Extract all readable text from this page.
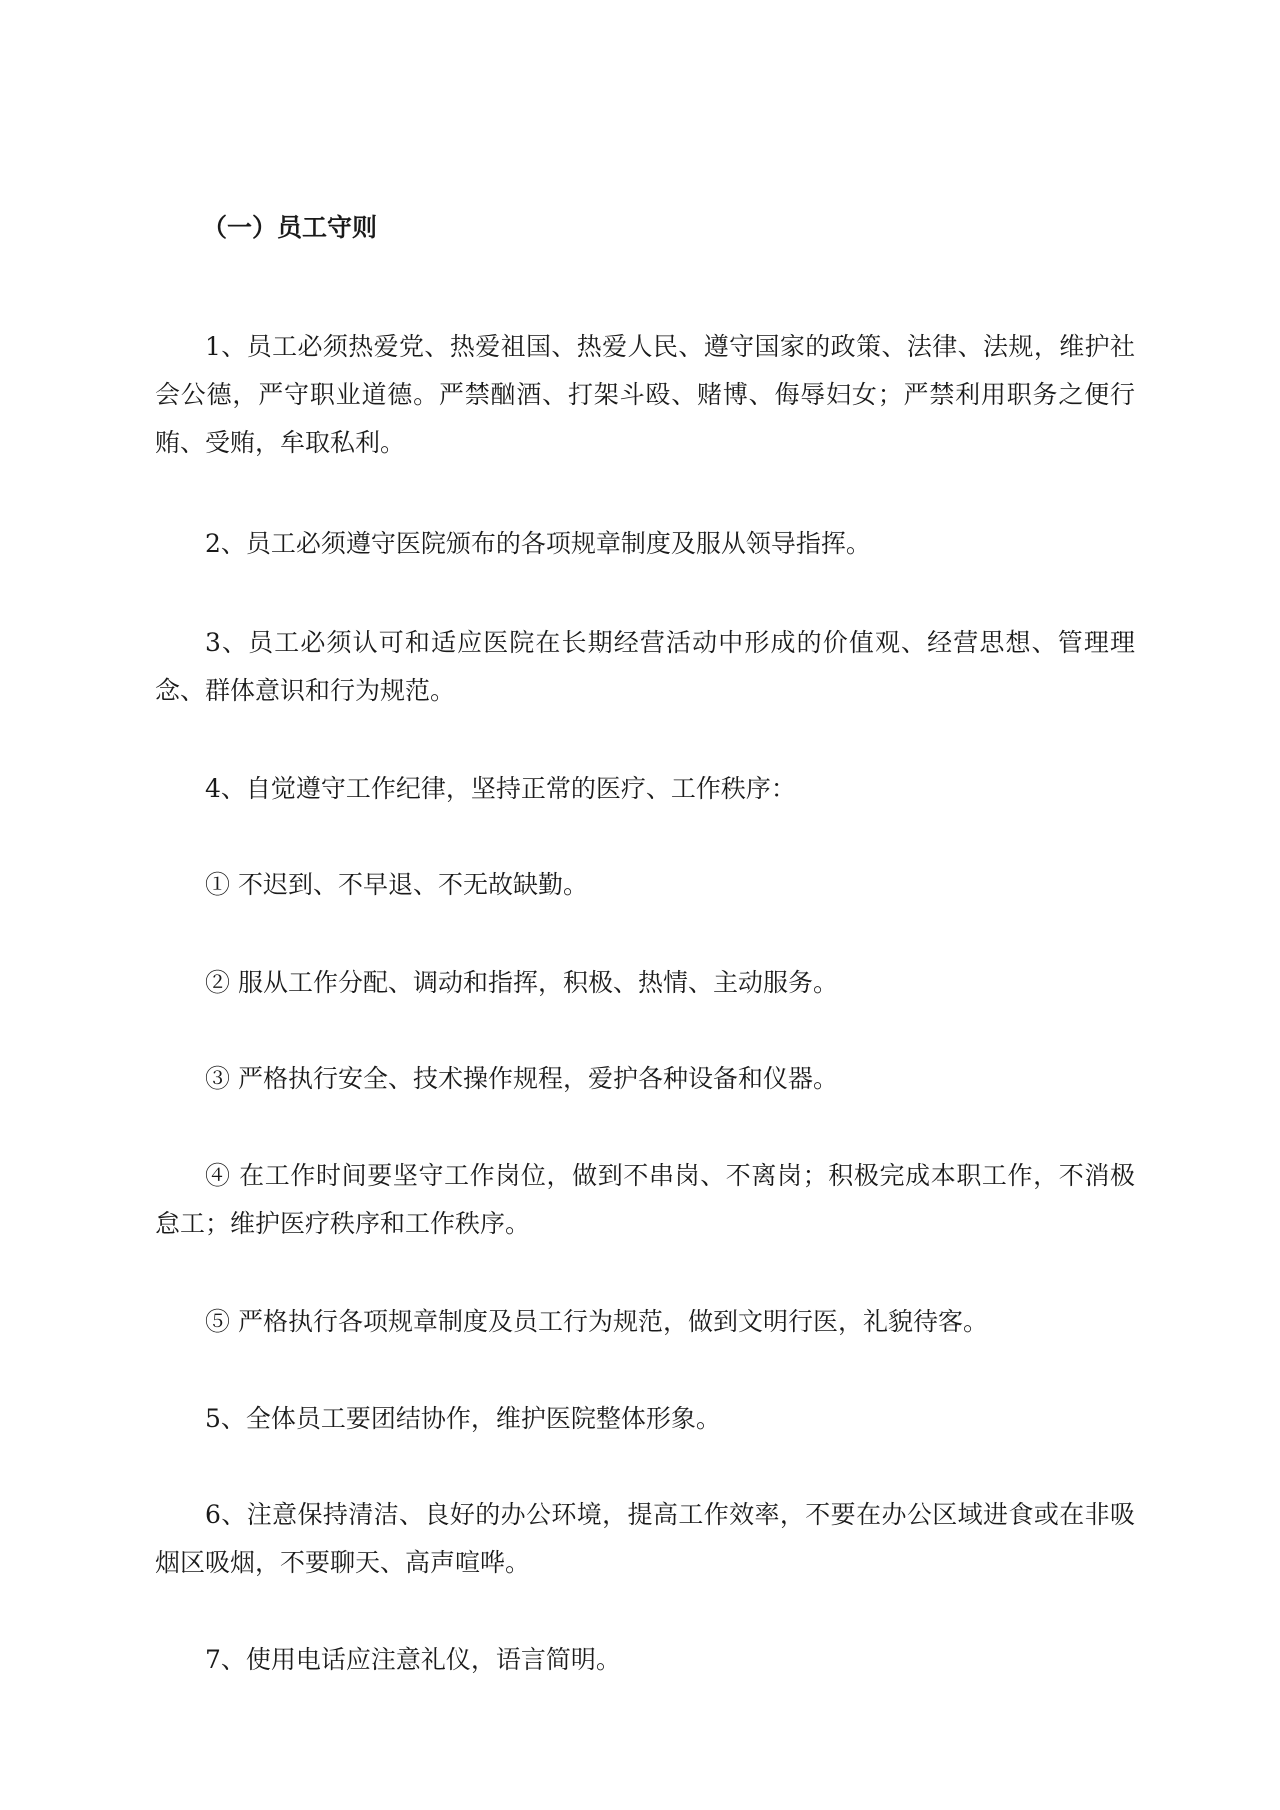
（一）员工守则

1、员工必须热爱党、热爱祖国、热爱人民、遵守国家的政策、法律、法规，维护社会公德，严守职业道德。严禁酗酒、打架斗殴、赌博、侮辱妇女；严禁利用职务之便行贿、受贿，牟取私利。

2、员工必须遵守医院颁布的各项规章制度及服从领导指挥。

3、员工必须认可和适应医院在长期经营活动中形成的价值观、经营思想、管理理念、群体意识和行为规范。

4、自觉遵守工作纪律，坚持正常的医疗、工作秩序：

① 不迟到、不早退、不无故缺勤。

② 服从工作分配、调动和指挥，积极、热情、主动服务。

③ 严格执行安全、技术操作规程，爱护各种设备和仪器。

④ 在工作时间要坚守工作岗位，做到不串岗、不离岗；积极完成本职工作，不消极怠工；维护医疗秩序和工作秩序。

⑤ 严格执行各项规章制度及员工行为规范，做到文明行医，礼貌待客。

5、全体员工要团结协作，维护医院整体形象。

6、注意保持清洁、良好的办公环境，提高工作效率，不要在办公区域进食或在非吸烟区吸烟，不要聊天、高声喧哗。

7、使用电话应注意礼仪，语言简明。
